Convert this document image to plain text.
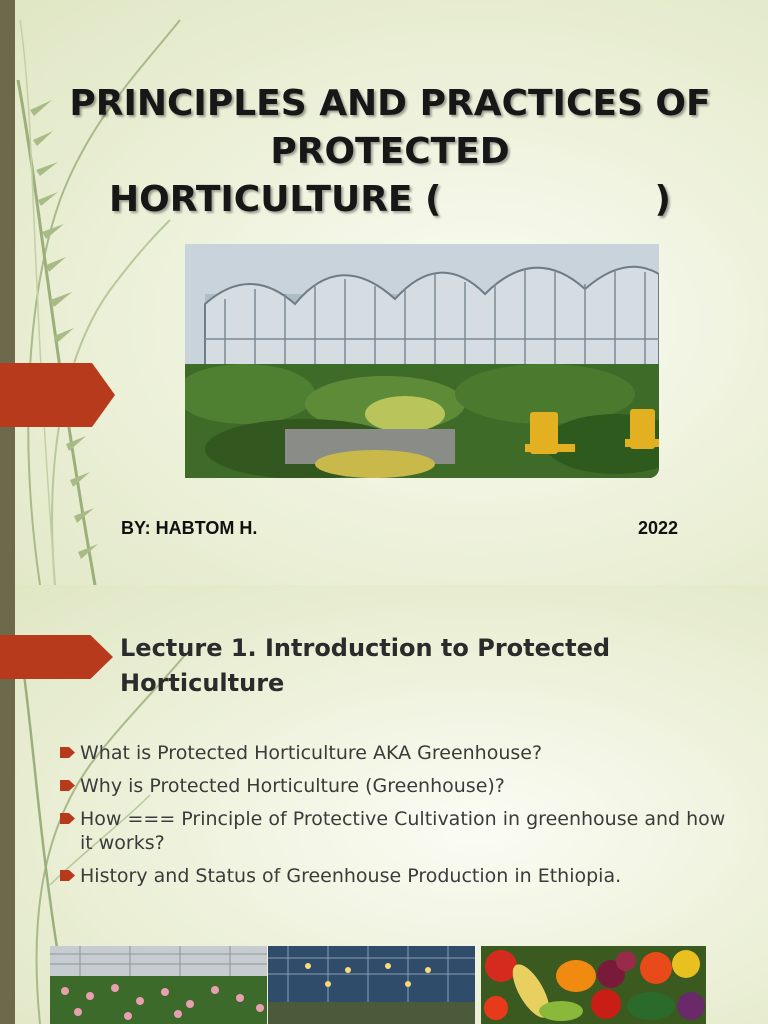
PRINCIPLES AND PRACTICES OF
PROTECTED
HORTICULTURE (                 )
BY: HABTOM H.	2022
Lecture 1. Introduction to Protected Horticulture
What is Protected Horticulture AKA Greenhouse?
Why is Protected Horticulture (Greenhouse)?
How === Principle of Protective Cultivation in greenhouse and how it works?
History and Status of Greenhouse Production in Ethiopia.
